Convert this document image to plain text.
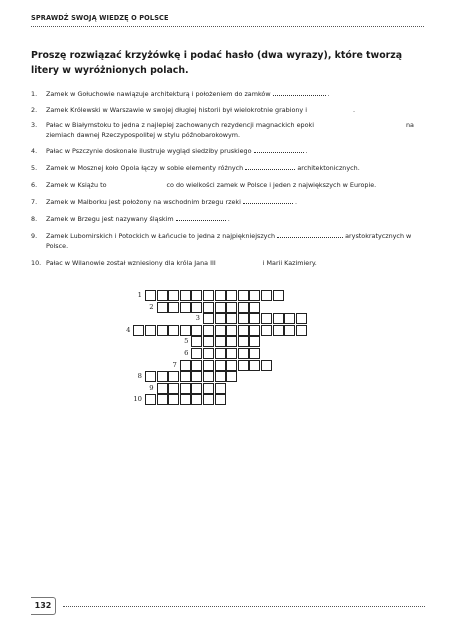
SPRAWDŹ SWOJĄ WIEDZĘ O POLSCE
Proszę rozwiązać krzyżówkę i podać hasło (dwa wyrazy), które tworzą litery w wyróżnionych polach.
1. Zamek w Gołuchowie nawiązuje architekturą i położeniem do zamków	.
2. Zamek Królewski w Warszawie w swojej długiej historii był wielokrotnie grabiony i	.
3. Pałac w Białymstoku to jedna z najlepiej zachowanych rezydencji magnackich epoki	na ziemiach dawnej Rzeczypospolitej w stylu późnobarokowym.
4. Pałac w Pszczynie doskonale ilustruje wygląd siedziby pruskiego	.
5. Zamek w Mosznej koło Opola łączy w sobie elementy różnych	architektonicznych.
6. Zamek w Książu to	co do wielkości zamek w Polsce i jeden z największych w Europie.
7. Zamek w Malborku jest położony na wschodnim brzegu rzeki	.
8. Zamek w Brzegu jest nazywany śląskim	.
9. Zamek Lubomirskich i Potockich w Łańcucie to jedna z najpiękniejszych	arystokratycznych w Polsce.
10. Pałac w Wilanowie został wzniesiony dla króla Jana III	i Marii Kazimiery.
1
2
3
4
5
6
7
8
9
10
132
